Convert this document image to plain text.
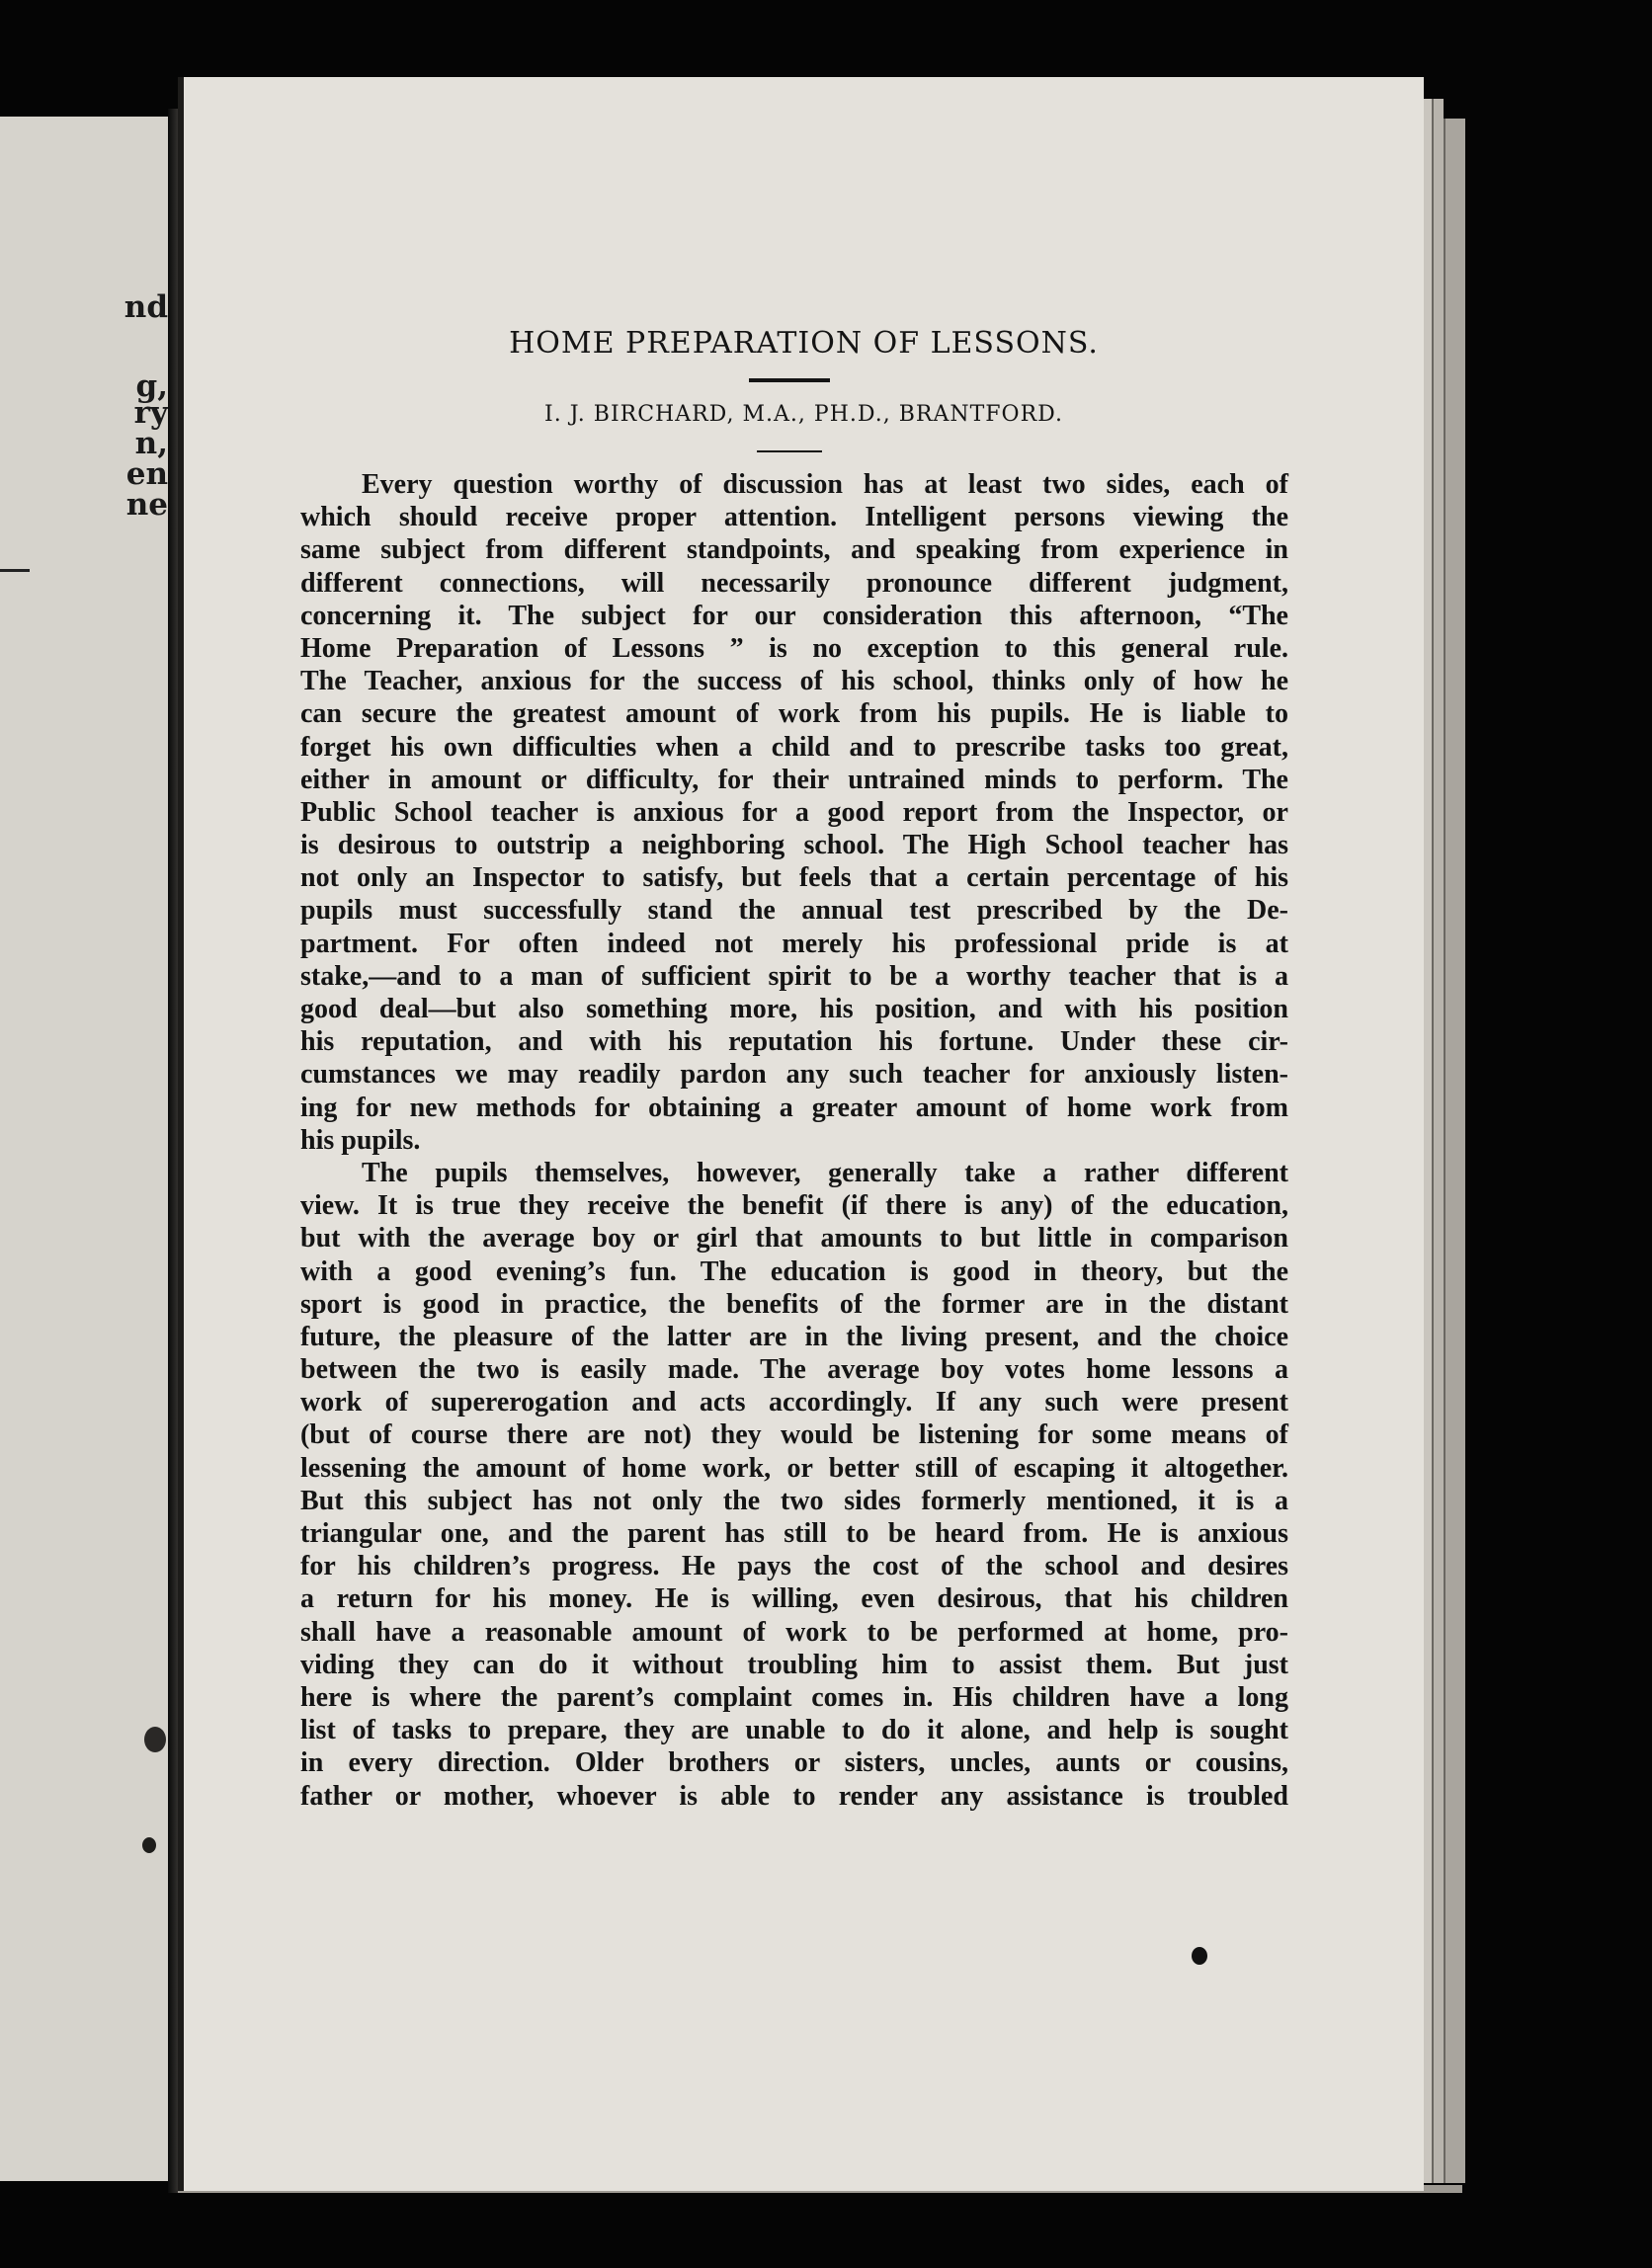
nd
g,
ry
n,
en
ne
HOME PREPARATION OF LESSONS.
I. J. BIRCHARD, M.A., PH.D., BRANTFORD.
Every question worthy of discussion has at least two sides, each of
which should receive proper attention. Intelligent persons viewing the
same subject from different standpoints, and speaking from experience in
different connections, will necessarily pronounce different judgment,
concerning it. The subject for our consideration this afternoon, “The
Home Preparation of Lessons ” is no exception to this general rule.
The Teacher, anxious for the success of his school, thinks only of how he
can secure the greatest amount of work from his pupils. He is liable to
forget his own difficulties when a child and to prescribe tasks too great,
either in amount or difficulty, for their untrained minds to perform. The
Public School teacher is anxious for a good report from the Inspector, or
is desirous to outstrip a neighboring school. The High School teacher has
not only an Inspector to satisfy, but feels that a certain percentage of his
pupils must successfully stand the annual test prescribed by the De-
partment. For often indeed not merely his professional pride is at
stake,—and to a man of sufficient spirit to be a worthy teacher that is a
good deal—but also something more, his position, and with his position
his reputation, and with his reputation his fortune. Under these cir-
cumstances we may readily pardon any such teacher for anxiously listen-
ing for new methods for obtaining a greater amount of home work from
his pupils.
The pupils themselves, however, generally take a rather different
view. It is true they receive the benefit (if there is any) of the education,
but with the average boy or girl that amounts to but little in comparison
with a good evening’s fun. The education is good in theory, but the
sport is good in practice, the benefits of the former are in the distant
future, the pleasure of the latter are in the living present, and the choice
between the two is easily made. The average boy votes home lessons a
work of supererogation and acts accordingly. If any such were present
(but of course there are not) they would be listening for some means of
lessening the amount of home work, or better still of escaping it altogether.
But this subject has not only the two sides formerly mentioned, it is a
triangular one, and the parent has still to be heard from. He is anxious
for his children’s progress. He pays the cost of the school and desires
a return for his money. He is willing, even desirous, that his children
shall have a reasonable amount of work to be performed at home, pro-
viding they can do it without troubling him to assist them. But just
here is where the parent’s complaint comes in. His children have a long
list of tasks to prepare, they are unable to do it alone, and help is sought
in every direction. Older brothers or sisters, uncles, aunts or cousins,
father or mother, whoever is able to render any assistance is troubled
